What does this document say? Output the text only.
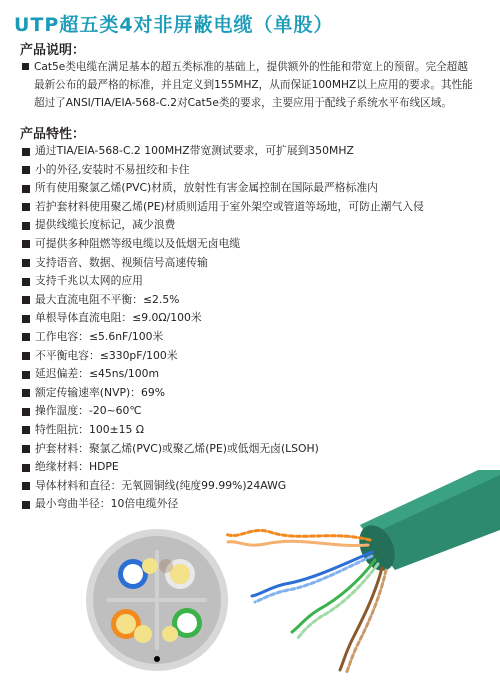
UTP超五类4对非屏蔽电缆（单股）
产品说明：
Cat5e类电缆在满足基本的超五类标准的基础上，提供额外的性能和带宽上的预留。完全超越最新公布的最严格的标准，并且定义到155MHZ，从而保证100MHZ以上应用的要求。其性能超过了ANSI/TIA/EIA-568-C.2对Cat5e类的要求，主要应用于配线子系统水平布线区域。
产品特性：
通过TIA/EIA-568-C.2 100MHZ带宽测试要求，可扩展到350MHZ
小的外径,安装时不易扭绞和卡住
所有使用聚氯乙烯(PVC)材质，放射性有害金属控制在国际最严格标准内
若护套材料使用聚乙烯(PE)材质则适用于室外架空或管道等场地，可防止潮气入侵
提供线缆长度标记，减少浪费
可提供多种阻燃等级电缆以及低烟无卤电缆
支持语音、数据、视频信号高速传输
支持千兆以太网的应用
最大直流电阻不平衡：≤2.5%
单根导体直流电阻：≤9.0Ω/100米
工作电容：≤5.6nF/100米
不平衡电容：≤330pF/100米
延迟偏差：≤45ns/100m
额定传输速率(NVP)：69%
操作温度：-20~60℃
特性阻抗：100±15 Ω
护套材料：聚氯乙烯(PVC)或聚乙烯(PE)或低烟无卤(LSOH)
绝缘材料：HDPE
导体材料和直径：无氧圆铜线(纯度99.99%)24AWG
最小弯曲半径：10倍电缆外径
